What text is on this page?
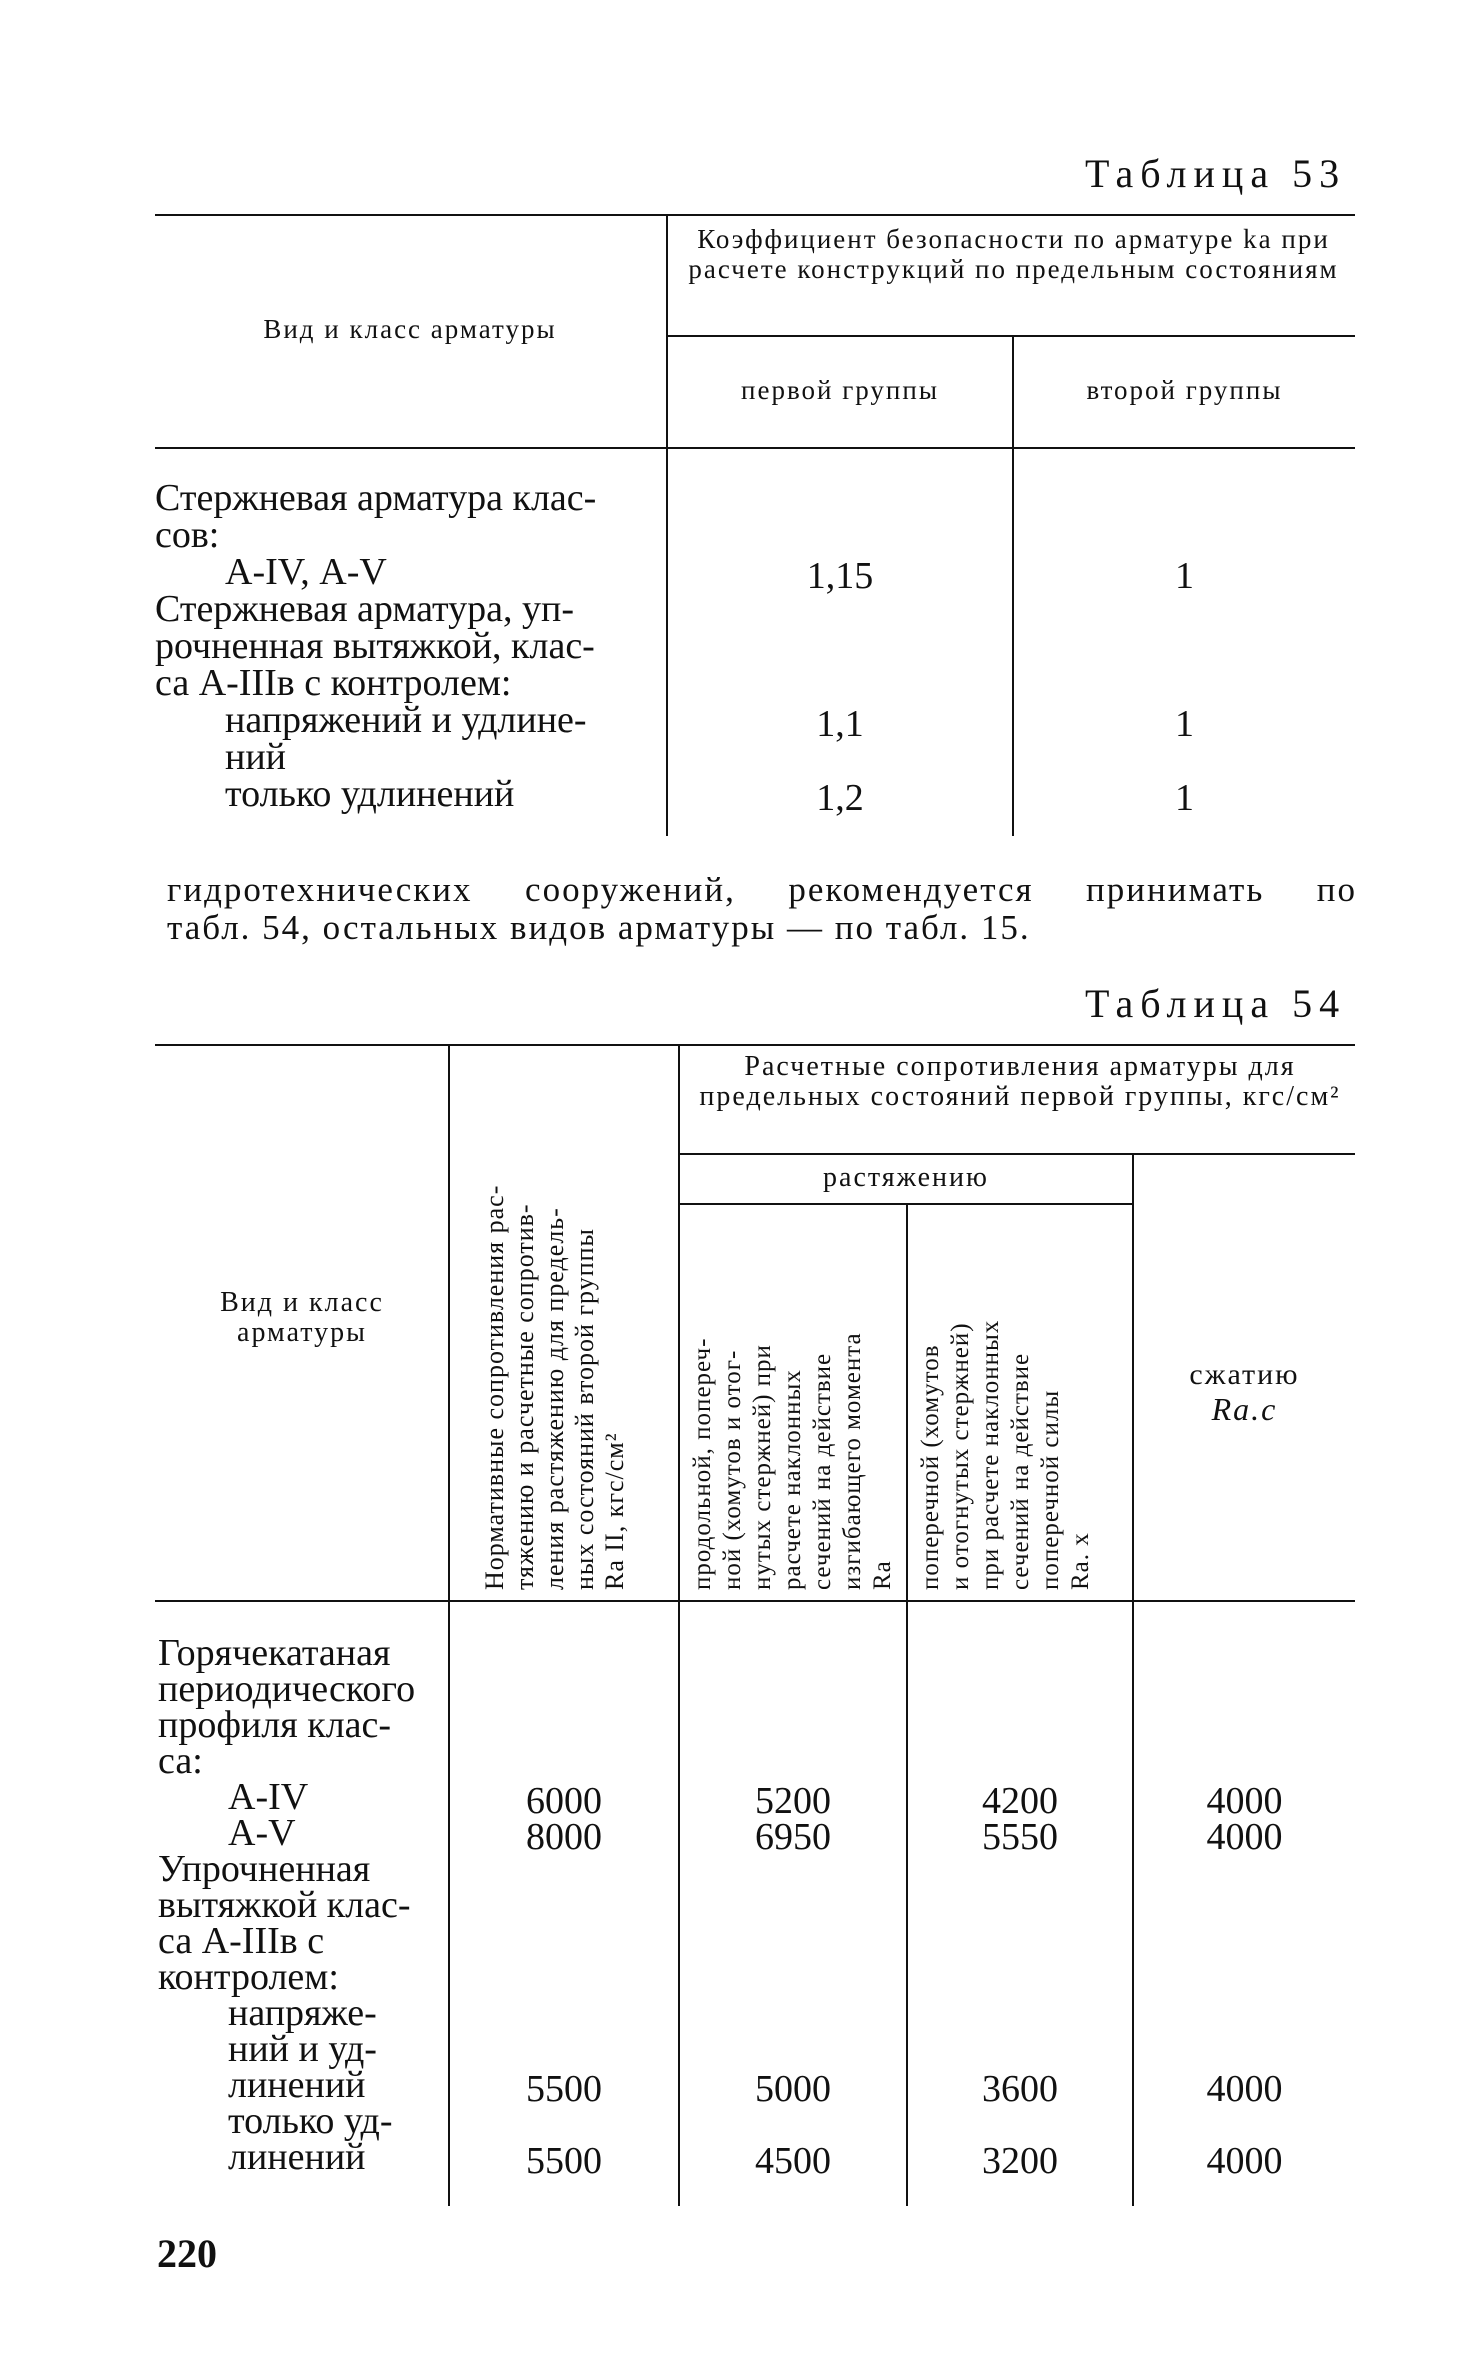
Таблица 53
Вид и класс арматуры
Коэффициент безопасности по арматуре kа при расчете конструкций по предельным состояниям
первой группы	второй группы
Стержневая арматура клас-
сов:
А-IV, А-V	1,15	1
Стержневая арматура, уп-
рочненная вытяжкой, клас-
са А-IIIв с контролем:
напряжений и удлине-	1,1	1
ний
только удлинений	1,2	1
гидротехнических сооружений, рекомендуется принимать по
табл. 54, остальных видов арматуры — по табл. 15.
Таблица 54
Вид и класс арматуры
Нормативные сопротивления рас-
тяжению и расчетные сопротив-
ления растяжению для предель-
ных состояний второй группы
Rа II, кгс/см²
Расчетные сопротивления арматуры для предельных состояний первой группы, кгс/см²
растяжению
продольной, попереч-
ной (хомутов и отог-
нутых стержней) при
расчете наклонных
сечений на действие
изгибающего момента
Rа поперечной (хомутов
и отогнутых стержней)
при расчете наклонных
сечений на действие
поперечной силы
Rа. х
сжатию
Rа.с
Горячекатаная
периодического
профиля клас-
са:
А-IV	6000	5200	4200	4000
А-V	8000	6950	5550	4000
Упрочненная
вытяжкой клас-
са А-IIIв с
контролем:
напряже-
ний и уд-
линений	5500	5000	3600	4000
только уд-
линений	5500	4500	3200	4000
220
